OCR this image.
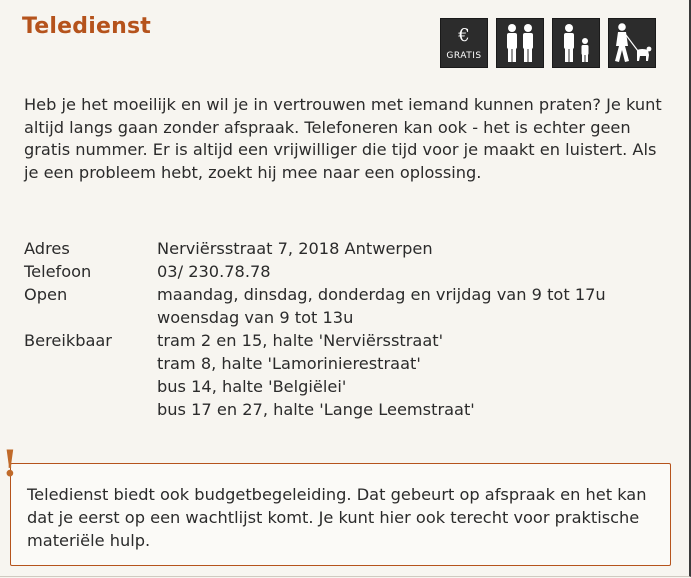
Teledienst	€
GRATIS
Heb je het moeilijk en wil je in vertrouwen met iemand kunnen praten? Je kunt altijd langs gaan zonder afspraak. Telefoneren kan ook - het is echter geen gratis nummer. Er is altijd een vrijwilliger die tijd voor je maakt en luistert. Als je een probleem hebt, zoekt hij mee naar een oplossing.
Adres	Nerviërsstraat 7, 2018 Antwerpen
Telefoon	03/ 230.78.78
Open	maandag, dinsdag, donderdag en vrijdag van 9 tot 17u
woensdag van 9 tot 13u
Bereikbaar	tram 2 en 15, halte 'Nerviërsstraat'
tram 8, halte 'Lamorinierestraat'
bus 14, halte 'Belgiëlei'
bus 17 en 27, halte 'Lange Leemstraat'
Teledienst biedt ook budgetbegeleiding. Dat gebeurt op afspraak en het kan dat je eerst op een wachtlijst komt. Je kunt hier ook terecht voor praktische materiële hulp.
!
